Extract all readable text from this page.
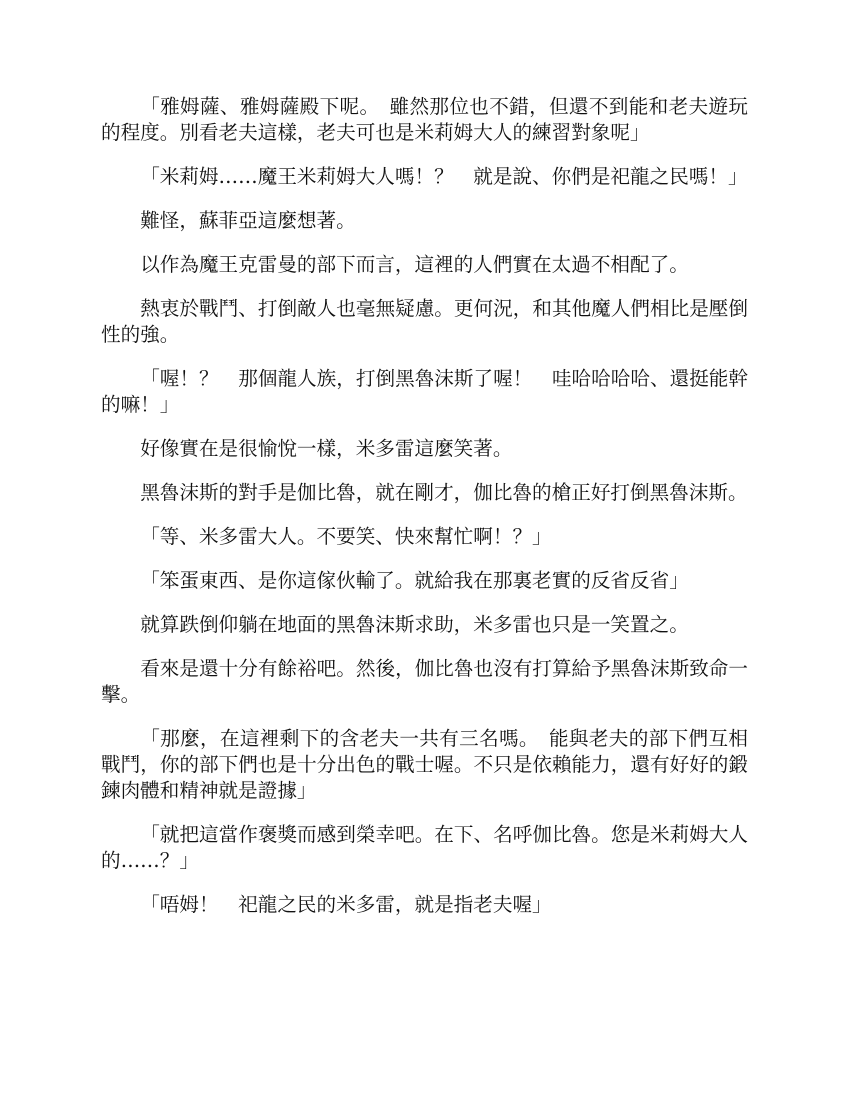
「雅姆薩、雅姆薩殿下呢。　雖然那位也不錯，但還不到能和老夫遊玩的程度。別看老夫這樣，老夫可也是米莉姆大人的練習對象呢」

「米莉姆……魔王米莉姆大人嗎！？　就是說、你們是祀龍之民嗎！」

難怪，蘇菲亞這麼想著。

以作為魔王克雷曼的部下而言，這裡的人們實在太過不相配了。

熱衷於戰鬥、打倒敵人也毫無疑慮。更何況，和其他魔人們相比是壓倒性的強。

「喔！？　那個龍人族，打倒黑魯沫斯了喔！　哇哈哈哈哈、還挺能幹的嘛！」

好像實在是很愉悅一樣，米多雷這麼笑著。

黑魯沫斯的對手是伽比魯，就在剛才，伽比魯的槍正好打倒黑魯沫斯。

「等、米多雷大人。不要笑、快來幫忙啊！？」

「笨蛋東西、是你這傢伙輸了。就給我在那裏老實的反省反省」

就算跌倒仰躺在地面的黑魯沫斯求助，米多雷也只是一笑置之。

看來是還十分有餘裕吧。然後，伽比魯也沒有打算給予黑魯沫斯致命一擊。

「那麼，在這裡剩下的含老夫一共有三名嗎。　能與老夫的部下們互相戰鬥，你的部下們也是十分出色的戰士喔。不只是依賴能力，還有好好的鍛鍊肉體和精神就是證據」

「就把這當作褒獎而感到榮幸吧。在下、名呼伽比魯。您是米莉姆大人的……？」

「唔姆！　祀龍之民的米多雷，就是指老夫喔」
